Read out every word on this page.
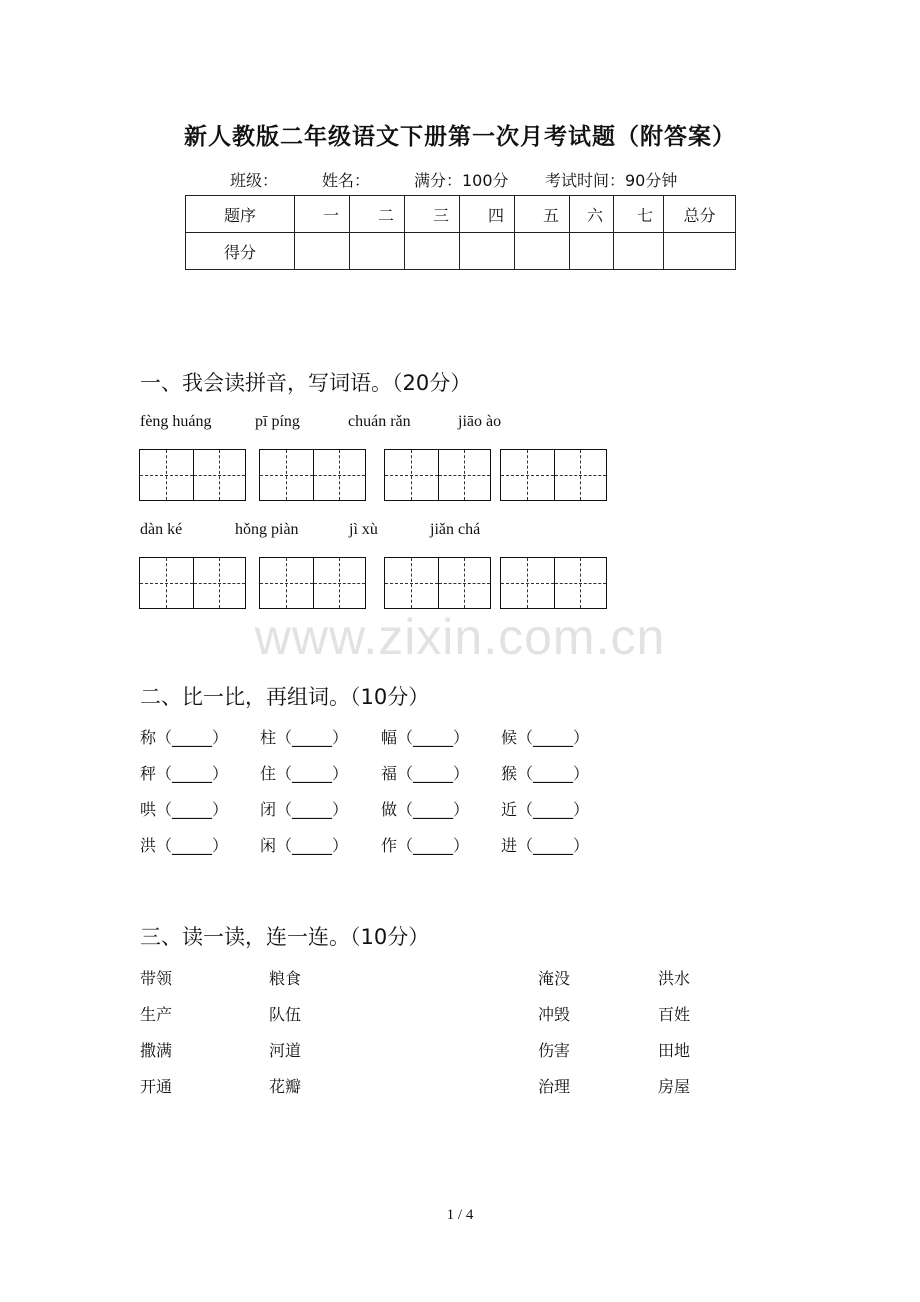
新人教版二年级语文下册第一次月考试题（附答案）
班级：	姓名：	满分：100分 考试时间：90分钟
题序	一	二	三	四	五	六	七	总分
得分								
一、我会读拼音，写词语。（20分）
fèng huáng	pī píng	chuán rǎn	jiāo ào
dàn ké	hǒng piàn	jì xù	jiǎn chá
www.zixin.com.cn
二、比一比，再组词。（10分）
称（_____） 柱（_____） 幅（_____） 候（_____）
秤（_____） 住（_____） 福（_____） 猴（_____）
哄（_____） 闭（_____） 做（_____） 近（_____）
洪（_____） 闲（_____） 作（_____） 进（_____）
三、读一读，连一连。（10分）
带领	粮食	淹没	洪水
生产	队伍	冲毁	百姓
撒满	河道	伤害	田地
开通	花瓣	治理	房屋
1 / 4
